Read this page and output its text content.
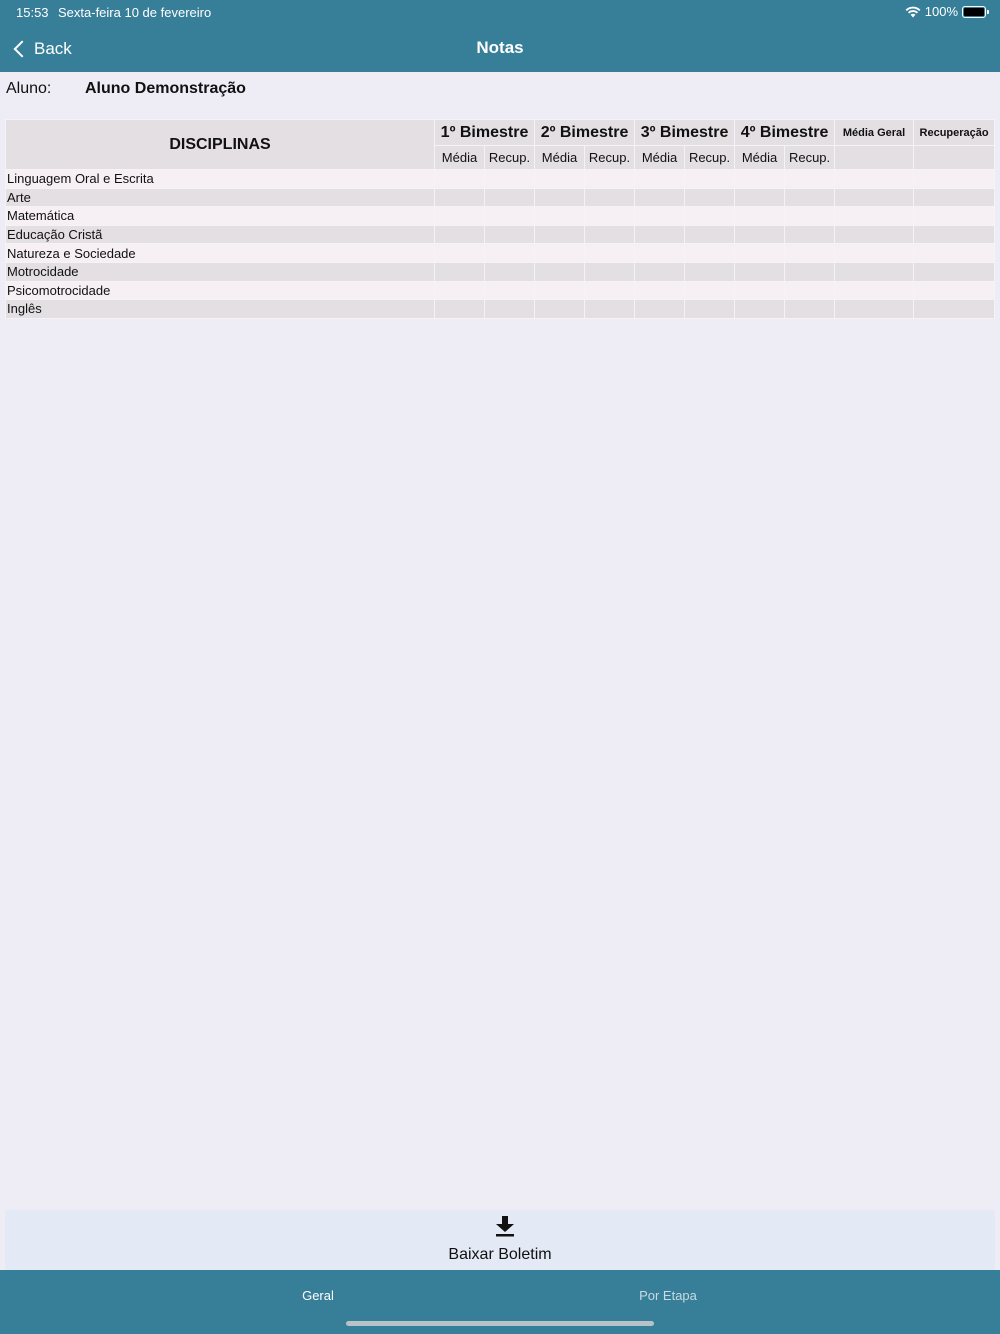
15:53 Sexta-feira 10 de fevereiro	100%
Back	Notas
Aluno: Aluno Demonstração
DISCIPLINAS	1º Bimestre		2º Bimestre		3º Bimestre		4º Bimestre		Média Geral	Recuperação
	Média	Recup.	Média	Recup.	Média	Recup.	Média	Recup.		
Linguagem Oral e Escrita										
Arte										
Matemática										
Educação Cristã										
Natureza e Sociedade										
Motrocidade										
Psicomotrocidade										
Inglês										
Baixar Boletim
Geral	Por Etapa
